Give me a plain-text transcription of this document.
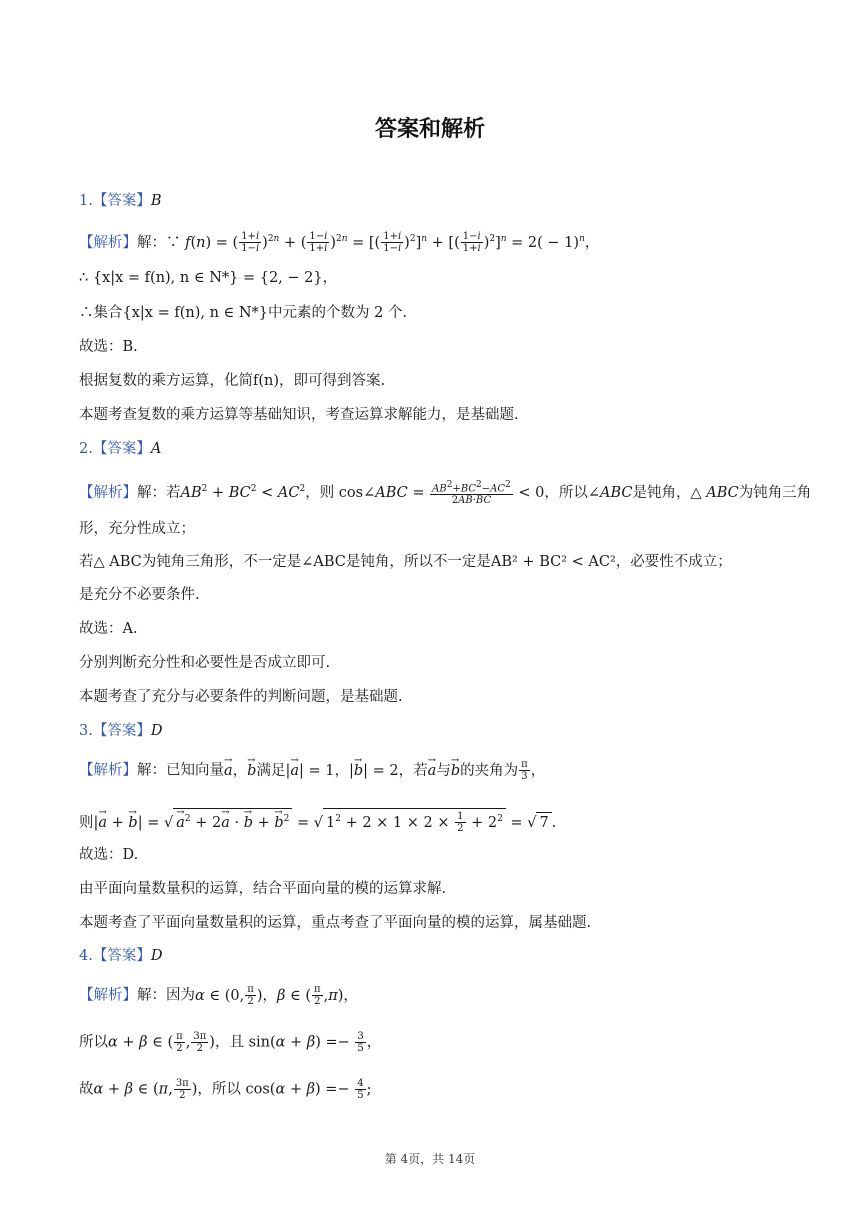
答案和解析
1.【答案】B
【解析】解：∵ f(n) = ( $\frac{1+i}{1-i} )^{2n}$ + ( $\frac{1-i}{1+i} )^{2n}$ = [( $\frac{1+i}{1-i} )^2]^n$ + [( $\frac{1-i}{1+i} )^2]^n = 2( - 1)^n$，
∴ {x|x = f(n), n ∈ N*} = {2, − 2}，
∴集合{x|x = f(n), n ∈ N*}中元素的个数为 2 个.
故选：B.
根据复数的乘方运算，化简f(n)，即可得到答案.
本题考查复数的乘方运算等基础知识，考查运算求解能力，是基础题.
2.【答案】A
【解析】解：若$AB^2 + BC^2 < AC^2$，则 cos∠ABC = $\frac{AB^2+BC^2-AC^2}{2AB\cdot BC} < 0$，所以∠ABC是钝角，△ ABC为钝角三角
形，充分性成立；
若△ ABC为钝角三角形，不一定是∠ABC是钝角，所以不一定是AB² + BC² < AC²，必要性不成立；
是充分不必要条件.
故选：A.
分别判断充分性和必要性是否成立即可.
本题考查了充分与必要条件的判断问题，是基础题.
3.【答案】D
【解析】解：已知向量→ a，→ b满足|→ a| = 1，|→ b| = 2，若→ a与→ b的夹角为 $\frac{\pi}{3}$ ，
则|→ a + → b| = √→ $a^2 + 2\to a$ · → b + → $b^2$ = √ $1^2 + 2 \times 1 \times 2 \times \frac{1}{2} + 2^2$ = √ 7 .
故选：D.
由平面向量数量积的运算，结合平面向量的模的运算求解.
本题考查了平面向量数量积的运算，重点考查了平面向量的模的运算，属基础题.
4.【答案】D
【解析】解：因为α ∈ (0, $\frac{\pi}{2}$ )，β ∈ ( $\frac{\pi}{2} ,\pi$)，
所以α + β ∈ ( $\frac{\pi}{2}$ , $\frac{3\pi}{2}$ )，且 $\sin(\alpha + \beta) =- \frac{3}{5}$ ，
故α + β ∈ (π, $\frac{3\pi}{2}$ )，所以 $\cos(\alpha + \beta) =- \frac{4}{5}$ ;
第 4页，共 14页
